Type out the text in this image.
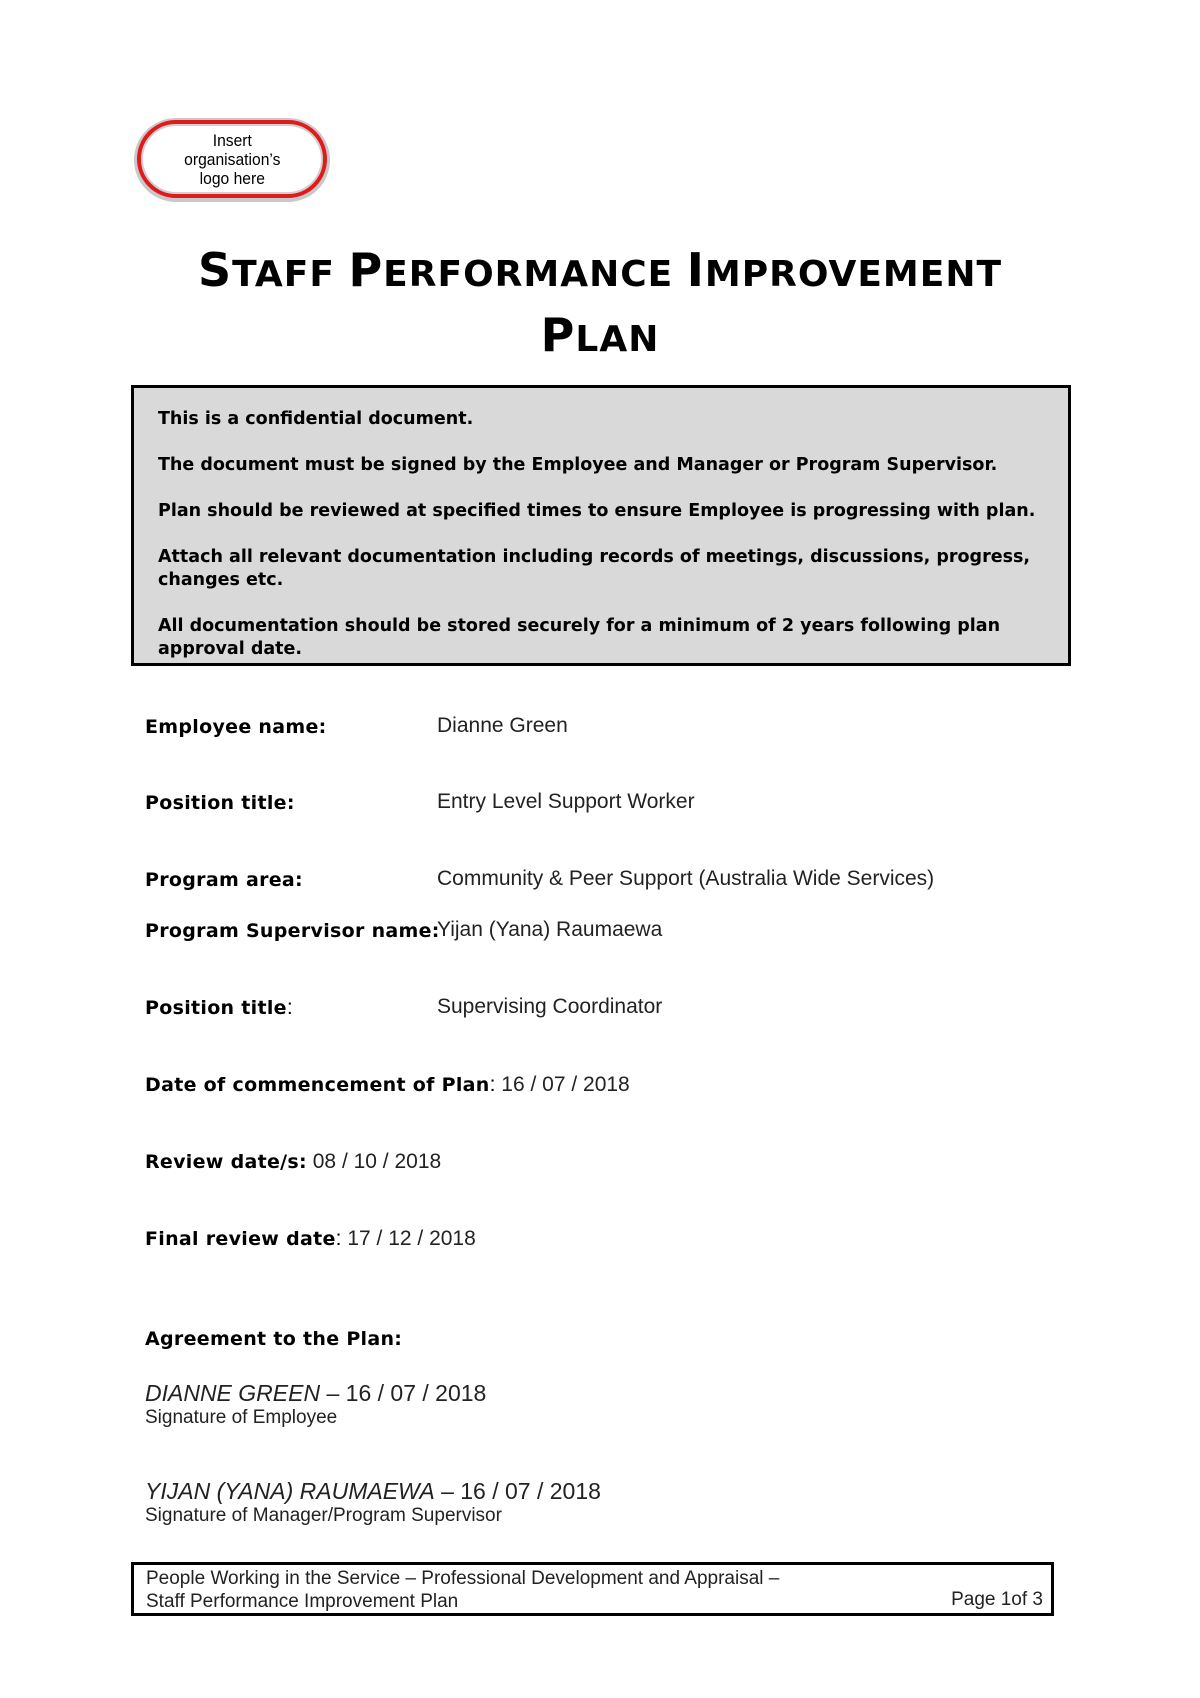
Insert
organisation’s
logo here
STAFF PERFORMANCE IMPROVEMENT
PLAN

This is a confidential document.

The document must be signed by the Employee and Manager or Program Supervisor.

Plan should be reviewed at specified times to ensure Employee is progressing with plan.

Attach all relevant documentation including records of meetings, discussions, progress, changes etc.

All documentation should be stored securely for a minimum of 2 years following plan approval date.

Employee name:	Dianne Green
Position title:	Entry Level Support Worker
Program area:	Community & Peer Support (Australia Wide Services)
Program Supervisor name:
Yijan (Yana) Raumaewa
Position title:	Supervising Coordinator
Date of commencement of Plan: 16 / 07 / 2018
Review date/s: 08 / 10 / 2018
Final review date: 17 / 12 / 2018
Agreement to the Plan:
DIANNE GREEN – 16 / 07 / 2018
Signature of Employee
YIJAN (YANA) RAUMAEWA – 16 / 07 / 2018
Signature of Manager/Program Supervisor
People Working in the Service – Professional Development and Appraisal –
Staff Performance Improvement Plan	Page 1of 3
